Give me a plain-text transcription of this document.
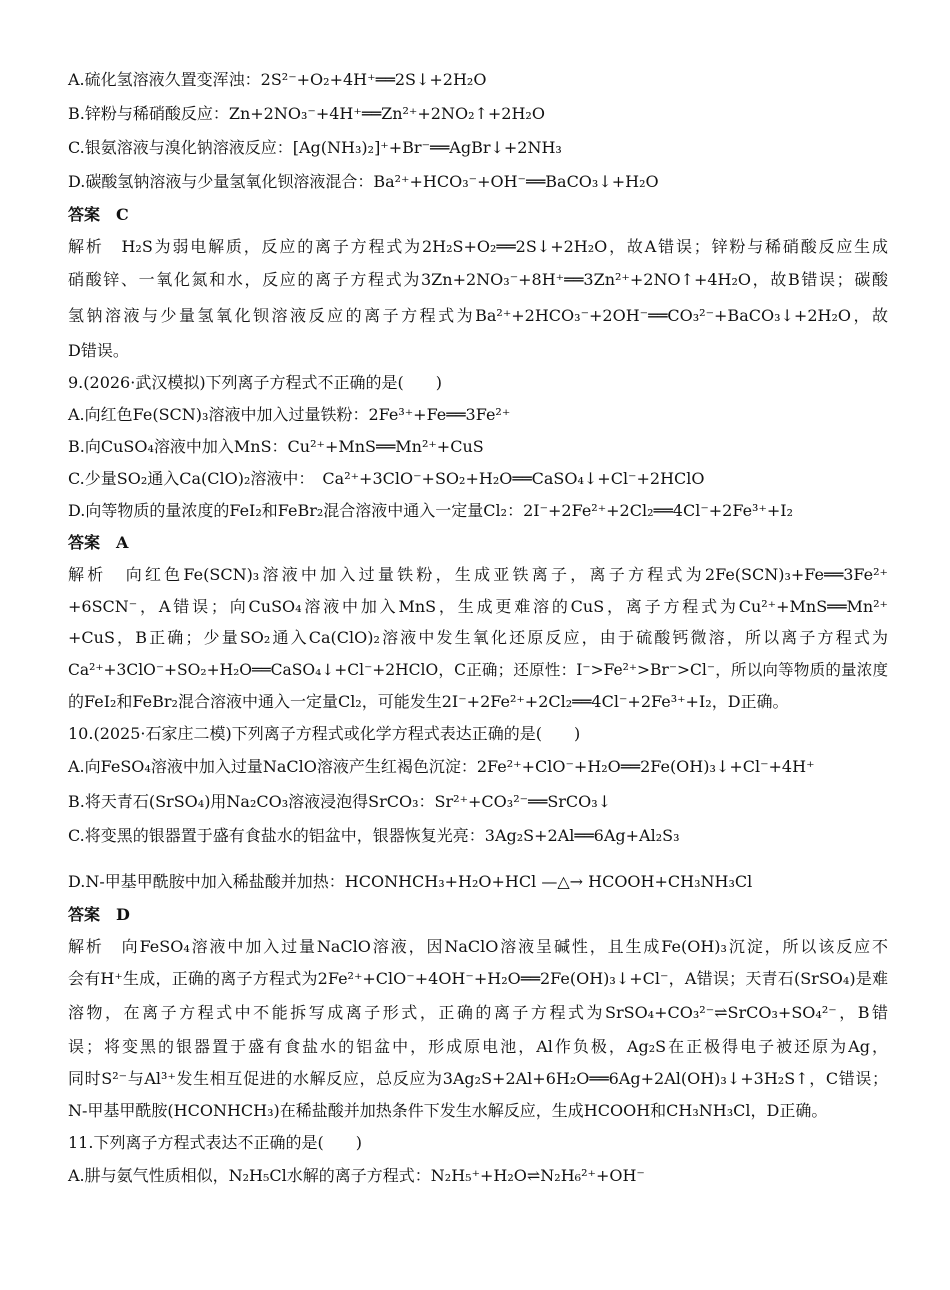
A.硫化氢溶液久置变浑浊：2S²⁻+O₂+4H⁺══2S↓+2H₂O
B.锌粉与稀硝酸反应：Zn+2NO₃⁻+4H⁺══Zn²⁺+2NO₂↑+2H₂O
C.银氨溶液与溴化钠溶液反应：[Ag(NH₃)₂]⁺+Br⁻══AgBr↓+2NH₃
D.碳酸氢钠溶液与少量氢氧化钡溶液混合：Ba²⁺+HCO₃⁻+OH⁻══BaCO₃↓+H₂O
答案　C
解析　H₂S为弱电解质，反应的离子方程式为2H₂S+O₂══2S↓+2H₂O，故A错误；锌粉与稀硝酸反应生成
硝酸锌、一氧化氮和水，反应的离子方程式为3Zn+2NO₃⁻+8H⁺══3Zn²⁺+2NO↑+4H₂O，故B错误；碳酸
氢钠溶液与少量氢氧化钡溶液反应的离子方程式为Ba²⁺+2HCO₃⁻+2OH⁻══CO₃²⁻+BaCO₃↓+2H₂O，故
D错误。
9.(2026·武汉模拟)下列离子方程式不正确的是(　　)
A.向红色Fe(SCN)₃溶液中加入过量铁粉：2Fe³⁺+Fe══3Fe²⁺
B.向CuSO₄溶液中加入MnS：Cu²⁺+MnS══Mn²⁺+CuS
C.少量SO₂通入Ca(ClO)₂溶液中：　Ca²⁺+3ClO⁻+SO₂+H₂O══CaSO₄↓+Cl⁻+2HClO
D.向等物质的量浓度的FeI₂和FeBr₂混合溶液中通入一定量Cl₂：2I⁻+2Fe²⁺+2Cl₂══4Cl⁻+2Fe³⁺+I₂
答案　A
解析　向红色Fe(SCN)₃溶液中加入过量铁粉，生成亚铁离子，离子方程式为2Fe(SCN)₃+Fe══3Fe²⁺
+6SCN⁻，A错误；向CuSO₄溶液中加入MnS，生成更难溶的CuS，离子方程式为Cu²⁺+MnS══Mn²⁺
+CuS，B正确；少量SO₂通入Ca(ClO)₂溶液中发生氧化还原反应，由于硫酸钙微溶，所以离子方程式为
Ca²⁺+3ClO⁻+SO₂+H₂O══CaSO₄↓+Cl⁻+2HClO，C正确；还原性：I⁻>Fe²⁺>Br⁻>Cl⁻，所以向等物质的量浓度
的FeI₂和FeBr₂混合溶液中通入一定量Cl₂，可能发生2I⁻+2Fe²⁺+2Cl₂══4Cl⁻+2Fe³⁺+I₂，D正确。
10.(2025·石家庄二模)下列离子方程式或化学方程式表达正确的是(　　)
A.向FeSO₄溶液中加入过量NaClO溶液产生红褐色沉淀：2Fe²⁺+ClO⁻+H₂O══2Fe(OH)₃↓+Cl⁻+4H⁺
B.将天青石(SrSO₄)用Na₂CO₃溶液浸泡得SrCO₃：Sr²⁺+CO₃²⁻══SrCO₃↓
C.将变黑的银器置于盛有食盐水的铝盆中，银器恢复光亮：3Ag₂S+2Al══6Ag+Al₂S₃
D.N-甲基甲酰胺中加入稀盐酸并加热：HCONHCH₃+H₂O+HCl —△→ HCOOH+CH₃NH₃Cl
答案　D
解析　向FeSO₄溶液中加入过量NaClO溶液，因NaClO溶液呈碱性，且生成Fe(OH)₃沉淀，所以该反应不
会有H⁺生成，正确的离子方程式为2Fe²⁺+ClO⁻+4OH⁻+H₂O══2Fe(OH)₃↓+Cl⁻，A错误；天青石(SrSO₄)是难
溶物，在离子方程式中不能拆写成离子形式，正确的离子方程式为SrSO₄+CO₃²⁻⇌SrCO₃+SO₄²⁻，B错
误；将变黑的银器置于盛有食盐水的铝盆中，形成原电池，Al作负极，Ag₂S在正极得电子被还原为Ag，
同时S²⁻与Al³⁺发生相互促进的水解反应，总反应为3Ag₂S+2Al+6H₂O══6Ag+2Al(OH)₃↓+3H₂S↑，C错误；
N-甲基甲酰胺(HCONHCH₃)在稀盐酸并加热条件下发生水解反应，生成HCOOH和CH₃NH₃Cl，D正确。
11.下列离子方程式表达不正确的是(　　)
A.肼与氨气性质相似，N₂H₅Cl水解的离子方程式：N₂H₅⁺+H₂O⇌N₂H₆²⁺+OH⁻
